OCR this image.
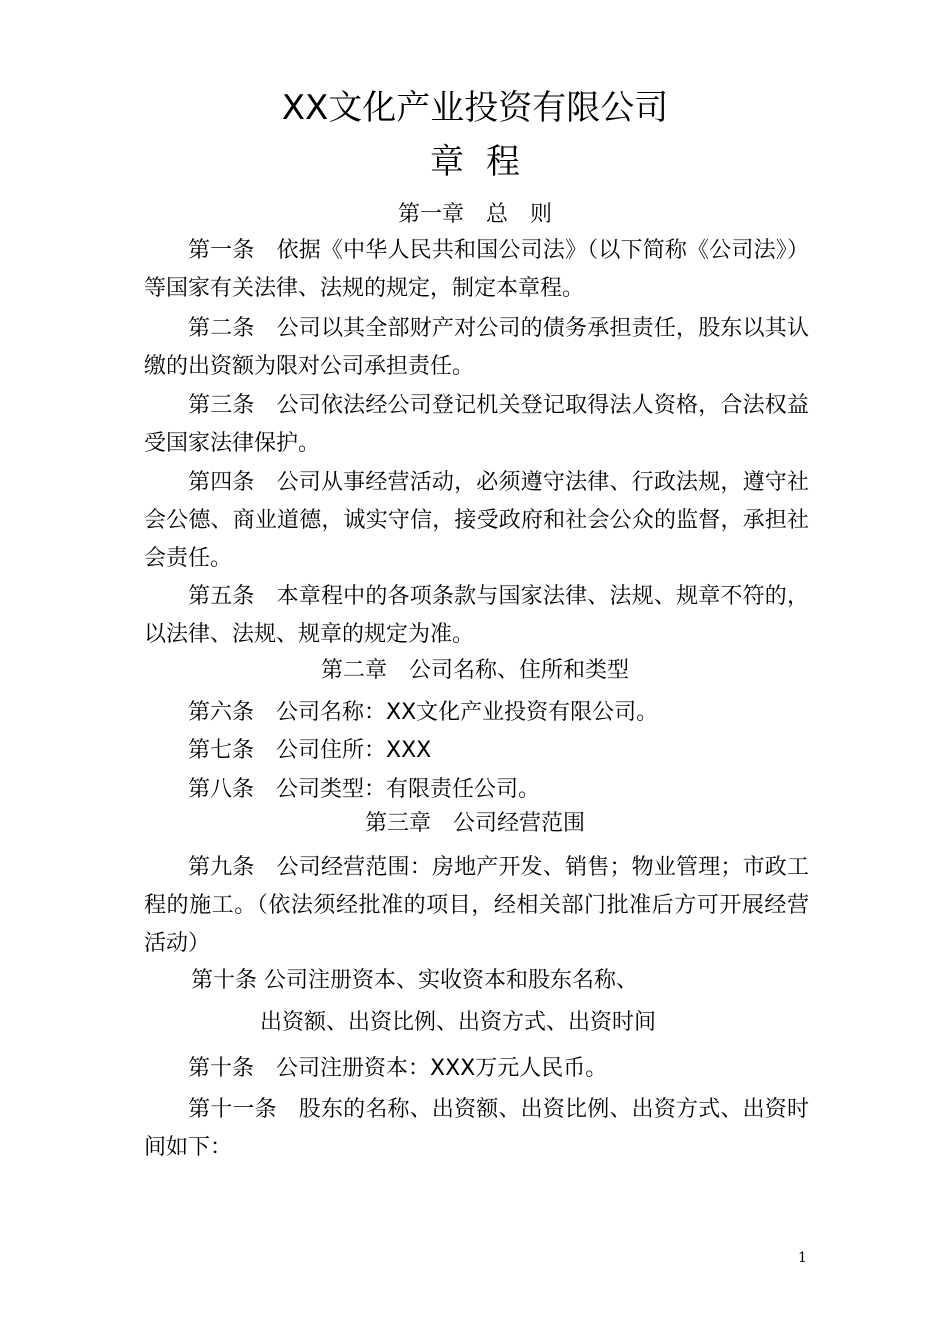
XX文化产业投资有限公司
章程
第一章　总　则

第一条 依据《中华人民共和国公司法》（以下简称《公司法》）等国家有关法律、法规的规定，制定本章程。

第二条 公司以其全部财产对公司的债务承担责任，股东以其认缴的出资额为限对公司承担责任。

第三条 公司依法经公司登记机关登记取得法人资格，合法权益受国家法律保护。

第四条 公司从事经营活动，必须遵守法律、行政法规，遵守社会公德、商业道德，诚实守信，接受政府和社会公众的监督，承担社会责任。

第五条 本章程中的各项条款与国家法律、法规、规章不符的，以法律、法规、规章的规定为准。

第二章　公司名称、住所和类型

第六条 公司名称：XX文化产业投资有限公司。

第七条 公司住所：XXX

第八条 公司类型：有限责任公司。

第三章　公司经营范围

第九条 公司经营范围：房地产开发、销售；物业管理；市政工程的施工。（依法须经批准的项目，经相关部门批准后方可开展经营活动）

第十条 公司注册资本、实收资本和股东名称、

出资额、出资比例、出资方式、出资时间

第十条 公司注册资本：XXX万元人民币。

第十一条 股东的名称、出资额、出资比例、出资方式、出资时间如下：

1
